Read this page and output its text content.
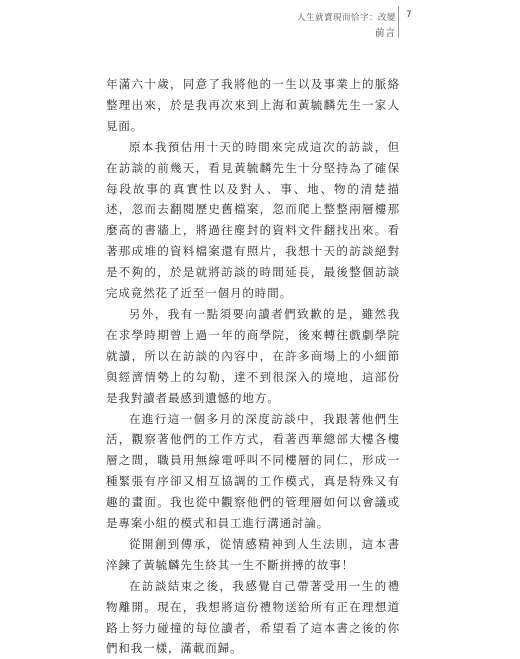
人生就賣現而恰字：改變
前言
7

年滿六十歲，同意了我將他的一生以及事業上的脈絡整理出來，於是我再次來到上海和黃毓麟先生一家人見面。

原本我預估用十天的時間來完成這次的訪談，但在訪談的前幾天，看見黃毓麟先生十分堅持為了確保每段故事的真實性以及對人、事、地、物的清楚描述，忽而去翻閱歷史舊檔案，忽而爬上整整兩層樓那麼高的書牆上，將過往塵封的資料文件翻找出來。看著那成堆的資料檔案還有照片，我想十天的訪談絕對是不夠的，於是就將訪談的時間延長，最後整個訪談完成竟然花了近至一個月的時間。

另外，我有一點須要向讀者們致歉的是，雖然我在求學時期曾上過一年的商學院，後來轉往戲劇學院就讀，所以在訪談的內容中，在許多商場上的小細節與經濟情勢上的勾勒，達不到很深入的境地，這部份是我對讀者最感到遺憾的地方。

在進行這一個多月的深度訪談中，我跟著他們生活，觀察著他們的工作方式，看著西華總部大樓各樓層之間，職員用無線電呼叫不同樓層的同仁，形成一種緊張有序卻又相互協調的工作模式，真是特殊又有趣的畫面。我也從中觀察他們的管理層如何以會議或是專案小組的模式和員工進行溝通討論。

從開創到傳承，從情感精神到人生法則，這本書淬鍊了黃毓麟先生終其一生不斷拼搏的故事！

在訪談結束之後，我感覺自己帶著受用一生的禮物離開。現在，我想將這份禮物送給所有正在理想道路上努力碰撞的每位讀者，希望看了這本書之後的你們和我一樣，滿載而歸。
